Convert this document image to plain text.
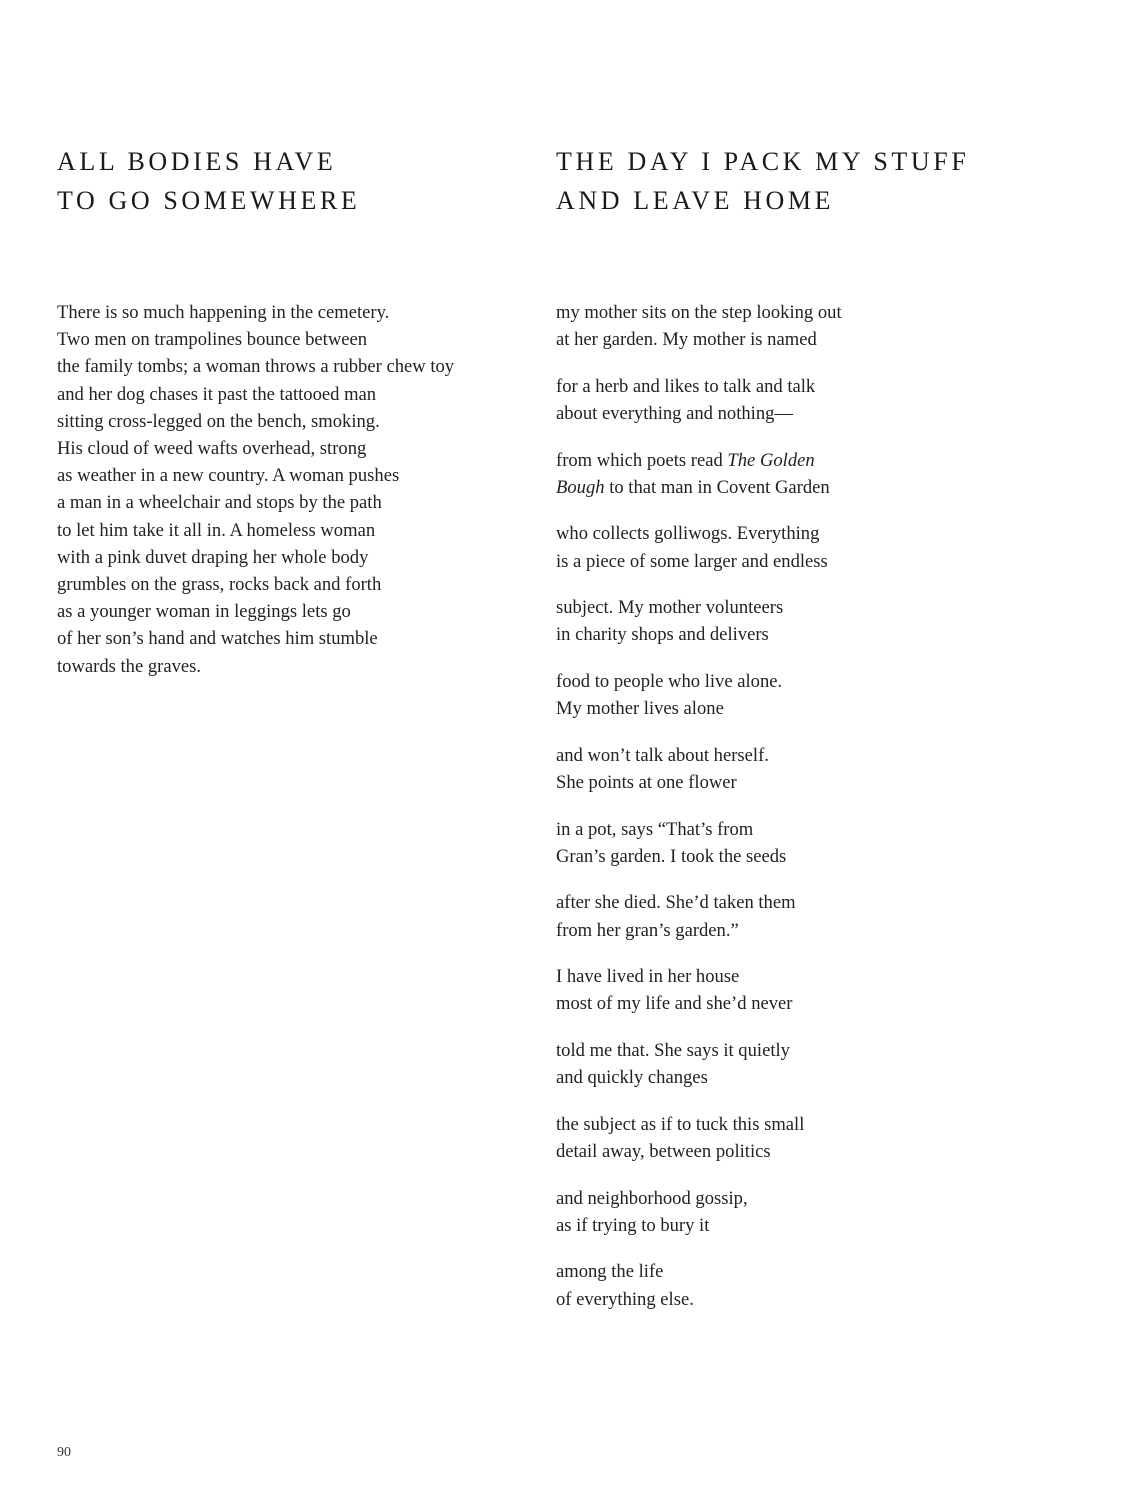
ALL BODIES HAVE
TO GO SOMEWHERE
There is so much happening in the cemetery.
Two men on trampolines bounce between
the family tombs; a woman throws a rubber chew toy
and her dog chases it past the tattooed man
sitting cross-legged on the bench, smoking.
His cloud of weed wafts overhead, strong
as weather in a new country. A woman pushes
a man in a wheelchair and stops by the path
to let him take it all in. A homeless woman
with a pink duvet draping her whole body
grumbles on the grass, rocks back and forth
as a younger woman in leggings lets go
of her son’s hand and watches him stumble
towards the graves.
THE DAY I PACK MY STUFF
AND LEAVE HOME
my mother sits on the step looking out
at her garden. My mother is named
for a herb and likes to talk and talk
about everything and nothing—
from which poets read The Golden
Bough to that man in Covent Garden
who collects golliwogs. Everything
is a piece of some larger and endless
subject. My mother volunteers
in charity shops and delivers
food to people who live alone.
My mother lives alone
and won’t talk about herself.
She points at one flower
in a pot, says “That’s from
Gran’s garden. I took the seeds
after she died. She’d taken them
from her gran’s garden.”
I have lived in her house
most of my life and she’d never
told me that. She says it quietly
and quickly changes
the subject as if to tuck this small
detail away, between politics
and neighborhood gossip,
as if trying to bury it
among the life
of everything else.
90
